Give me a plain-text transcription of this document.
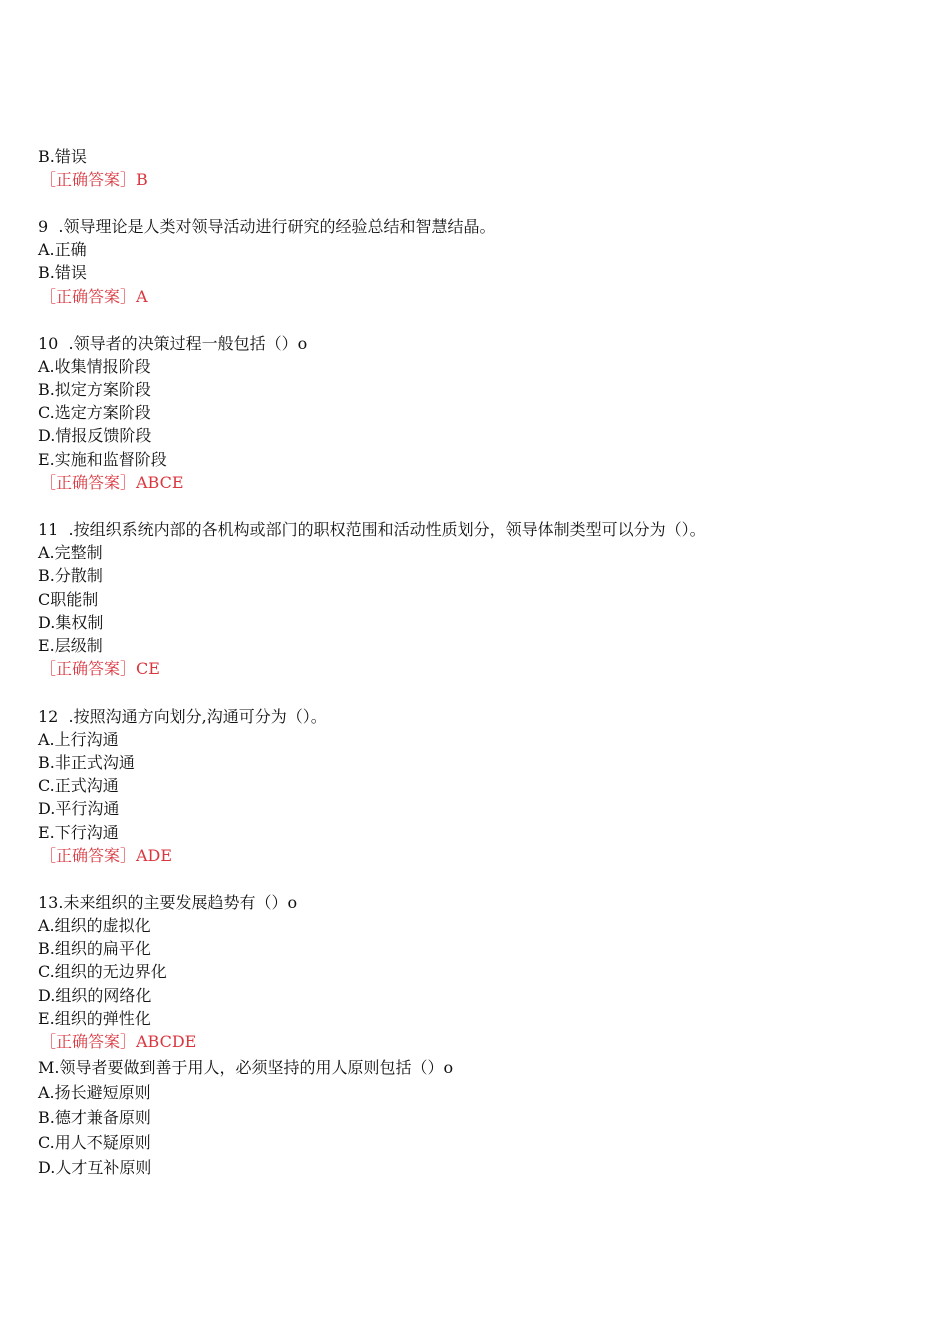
B.错误
［正确答案］B
9  .领导理论是人类对领导活动进行研究的经验总结和智慧结晶。
A.正确
B.错误
［正确答案］A
10  .领导者的决策过程一般包括（）o
A.收集情报阶段
B.拟定方案阶段
C.选定方案阶段
D.情报反馈阶段
E.实施和监督阶段
［正确答案］ABCE
11  .按组织系统内部的各机构或部门的职权范围和活动性质划分，领导体制类型可以分为（）。
A.完整制
B.分散制
C职能制
D.集权制
E.层级制
［正确答案］CE
12  .按照沟通方向划分,沟通可分为（）。
A.上行沟通
B.非正式沟通
C.正式沟通
D.平行沟通
E.下行沟通
［正确答案］ADE
13.未来组织的主要发展趋势有（）o
A.组织的虚拟化
B.组织的扁平化
C.组织的无边界化
D.组织的网络化
E.组织的弹性化
［正确答案］ABCDE
M.领导者要做到善于用人，必须坚持的用人原则包括（）o
A.扬长避短原则
B.德才兼备原则
C.用人不疑原则
D.人才互补原则
